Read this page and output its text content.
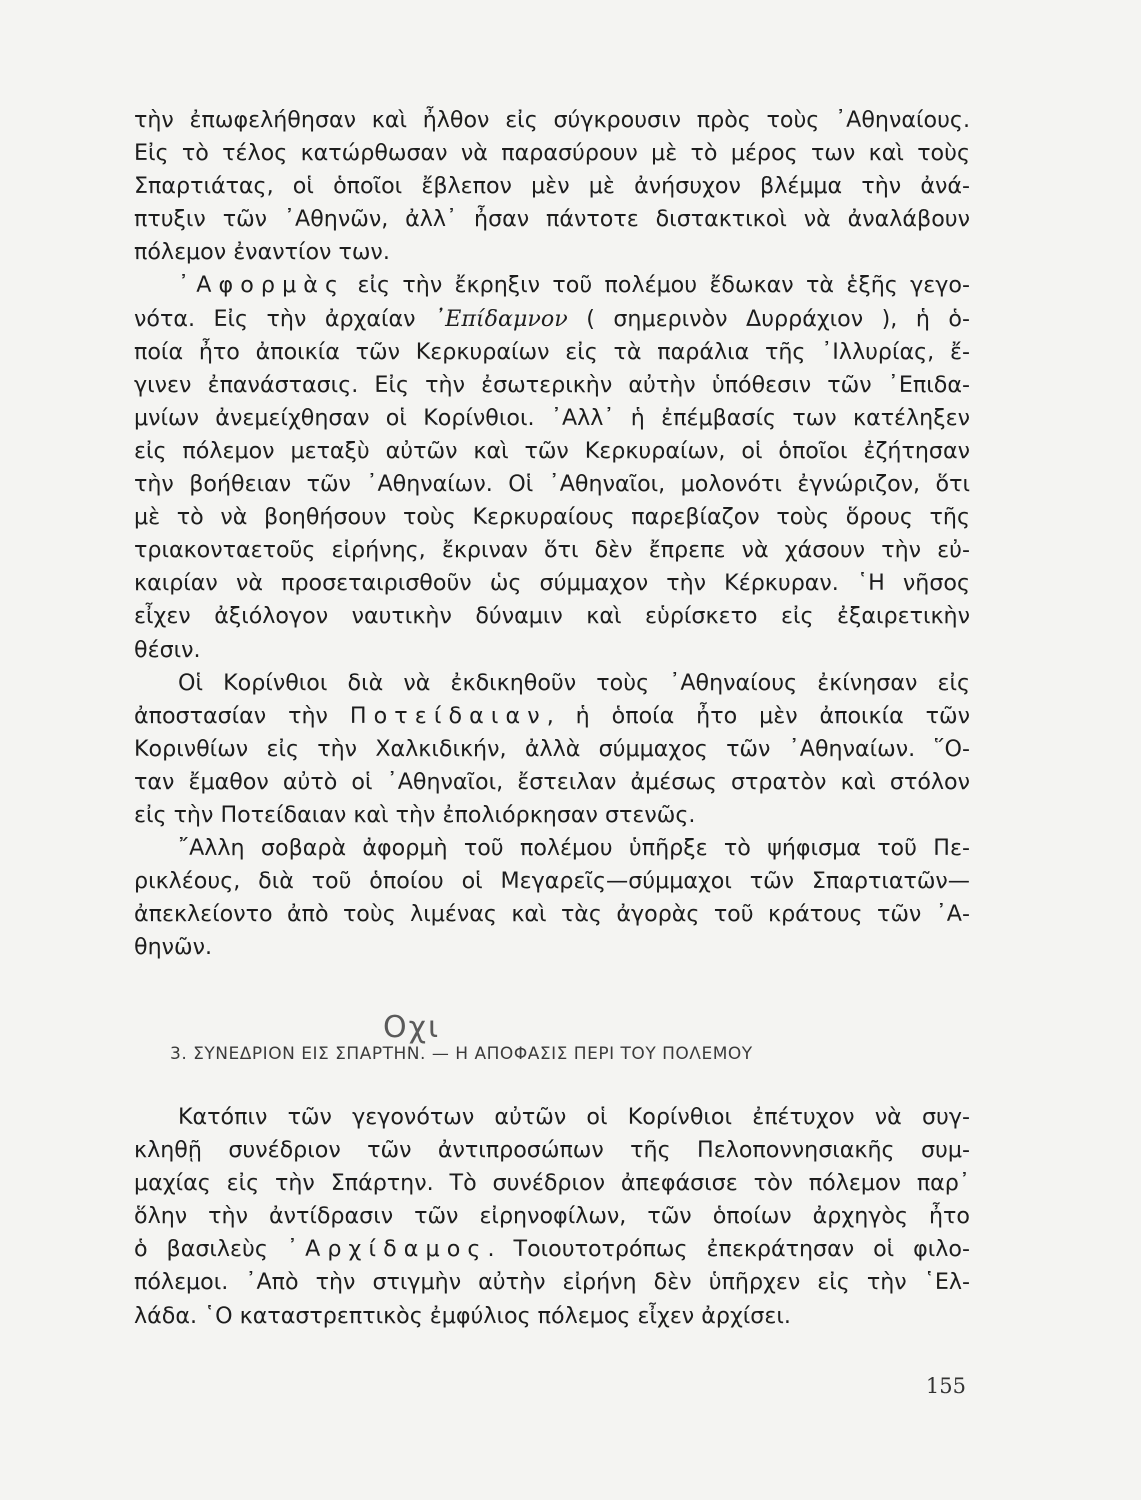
τὴν ἐπωφελήθησαν καὶ ἦλθον εἰς σύγκρουσιν πρὸς τοὺς ᾿Αθηναίους.
Εἰς τὸ τέλος κατώρθωσαν νὰ παρασύρουν μὲ τὸ μέρος των καὶ τοὺς
Σπαρτιάτας, οἱ ὁποῖοι ἔβλεπον μὲν μὲ ἀνήσυχον βλέμμα τὴν ἀνά-
πτυξιν τῶν ᾿Αθηνῶν, ἀλλ᾿ ἦσαν πάντοτε διστακτικοὶ νὰ ἀναλάβουν
πόλεμον ἐναντίον των.
᾿Αφορμὰς εἰς τὴν ἔκρηξιν τοῦ πολέμου ἔδωκαν τὰ ἑξῆς γεγο-
νότα. Εἰς τὴν ἀρχαίαν ᾿Επίδαμνον ( σημερινὸν Δυρράχιον ), ἡ ὁ-
ποία ἦτο ἀποικία τῶν Κερκυραίων εἰς τὰ παράλια τῆς ᾿Ιλλυρίας, ἔ-
γινεν ἐπανάστασις. Εἰς τὴν ἐσωτερικὴν αὐτὴν ὑπόθεσιν τῶν ᾿Επιδα-
μνίων ἀνεμείχθησαν οἱ Κορίνθιοι. ᾿Αλλ᾿ ἡ ἐπέμβασίς των κατέληξεν
εἰς πόλεμον μεταξὺ αὐτῶν καὶ τῶν Κερκυραίων, οἱ ὁποῖοι ἐζήτησαν
τὴν βοήθειαν τῶν ᾿Αθηναίων. Οἱ ᾿Αθηναῖοι, μολονότι ἐγνώριζον, ὅτι
μὲ τὸ νὰ βοηθήσουν τοὺς Κερκυραίους παρεβίαζον τοὺς ὅρους τῆς
τριακονταετοῦς εἰρήνης, ἔκριναν ὅτι δὲν ἔπρεπε νὰ χάσουν τὴν εὐ-
καιρίαν νὰ προσεταιρισθοῦν ὡς σύμμαχον τὴν Κέρκυραν. ῾Η νῆσος
εἶχεν ἀξιόλογον ναυτικὴν δύναμιν καὶ εὑρίσκετο εἰς ἐξαιρετικὴν
θέσιν.
Οἱ Κορίνθιοι διὰ νὰ ἐκδικηθοῦν τοὺς ᾿Αθηναίους ἐκίνησαν εἰς
ἀποστασίαν τὴν Ποτείδαιαν, ἡ ὁποία ἦτο μὲν ἀποικία τῶν
Κορινθίων εἰς τὴν Χαλκιδικήν, ἀλλὰ σύμμαχος τῶν ᾿Αθηναίων. ῞Ο-
ταν ἔμαθον αὐτὸ οἱ ᾿Αθηναῖοι, ἔστειλαν ἀμέσως στρατὸν καὶ στόλον
εἰς τὴν Ποτείδαιαν καὶ τὴν ἐπολιόρκησαν στενῶς.
῎Αλλη σοβαρὰ ἀφορμὴ τοῦ πολέμου ὑπῆρξε τὸ ψήφισμα τοῦ Πε-
ρικλέους, διὰ τοῦ ὁποίου οἱ Μεγαρεῖς—σύμμαχοι τῶν Σπαρτιατῶν—
ἀπεκλείοντο ἀπὸ τοὺς λιμένας καὶ τὰς ἀγορὰς τοῦ κράτους τῶν ᾿Α-
θηνῶν.
Oχι
3. ΣΥΝΕΔΡΙΟΝ ΕΙΣ ΣΠΑΡΤΗΝ. — Η ΑΠΟΦΑΣΙΣ ΠΕΡΙ ΤΟΥ ΠΟΛΕΜΟΥ
Κατόπιν τῶν γεγονότων αὐτῶν οἱ Κορίνθιοι ἐπέτυχον νὰ συγ-
κληθῇ συνέδριον τῶν ἀντιπροσώπων τῆς Πελοποννησιακῆς συμ-
μαχίας εἰς τὴν Σπάρτην. Τὸ συνέδριον ἀπεφάσισε τὸν πόλεμον παρ᾿
ὅλην τὴν ἀντίδρασιν τῶν εἰρηνοφίλων, τῶν ὁποίων ἀρχηγὸς ἦτο
ὁ βασιλεὺς ᾿Αρχίδαμος. Τοιουτοτρόπως ἐπεκράτησαν οἱ φιλο-
πόλεμοι. ᾿Απὸ τὴν στιγμὴν αὐτὴν εἰρήνη δὲν ὑπῆρχεν εἰς τὴν ῾Ελ-
λάδα. ῾Ο καταστρεπτικὸς ἐμφύλιος πόλεμος εἶχεν ἀρχίσει.
155
